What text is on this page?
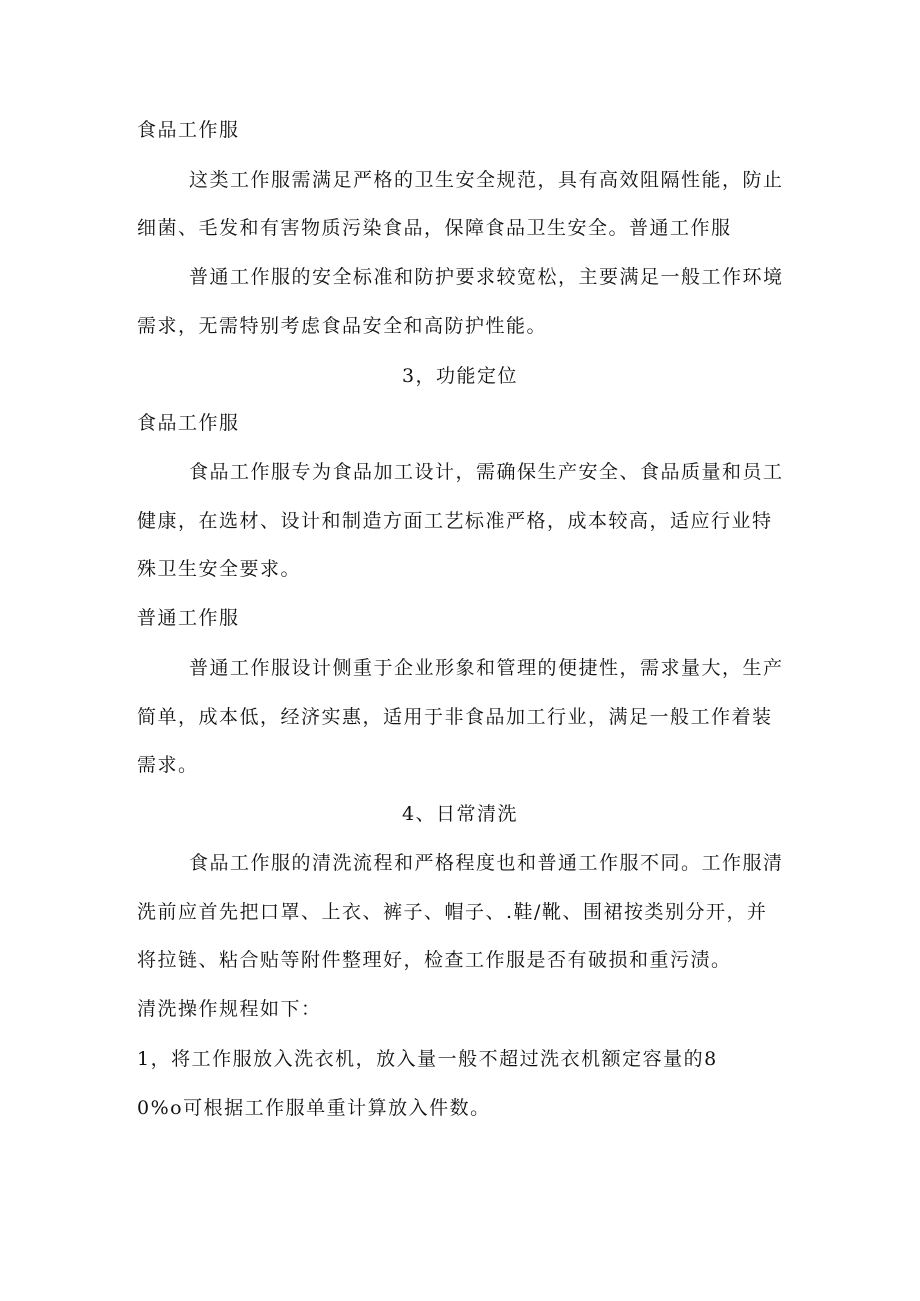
食品工作服

这类工作服需满足严格的卫生安全规范，具有高效阻隔性能，防止

细菌、毛发和有害物质污染食品，保障食品卫生安全。普通工作服

普通工作服的安全标准和防护要求较宽松，主要满足一般工作环境

需求，无需特别考虑食品安全和高防护性能。

3，功能定位

食品工作服

食品工作服专为食品加工设计，需确保生产安全、食品质量和员工

健康，在选材、设计和制造方面工艺标准严格，成本较高，适应行业特

殊卫生安全要求。

普通工作服

普通工作服设计侧重于企业形象和管理的便捷性，需求量大，生产

简单，成本低，经济实惠，适用于非食品加工行业，满足一般工作着装

需求。

4、日常清洗

食品工作服的清洗流程和严格程度也和普通工作服不同。工作服清

洗前应首先把口罩、上衣、裤子、帽子、.鞋/靴、围裙按类别分开，并

将拉链、粘合贴等附件整理好，检查工作服是否有破损和重污渍。

清洗操作规程如下：

1，将工作服放入洗衣机，放入量一般不超过洗衣机额定容量的8

0%o可根据工作服单重计算放入件数。
